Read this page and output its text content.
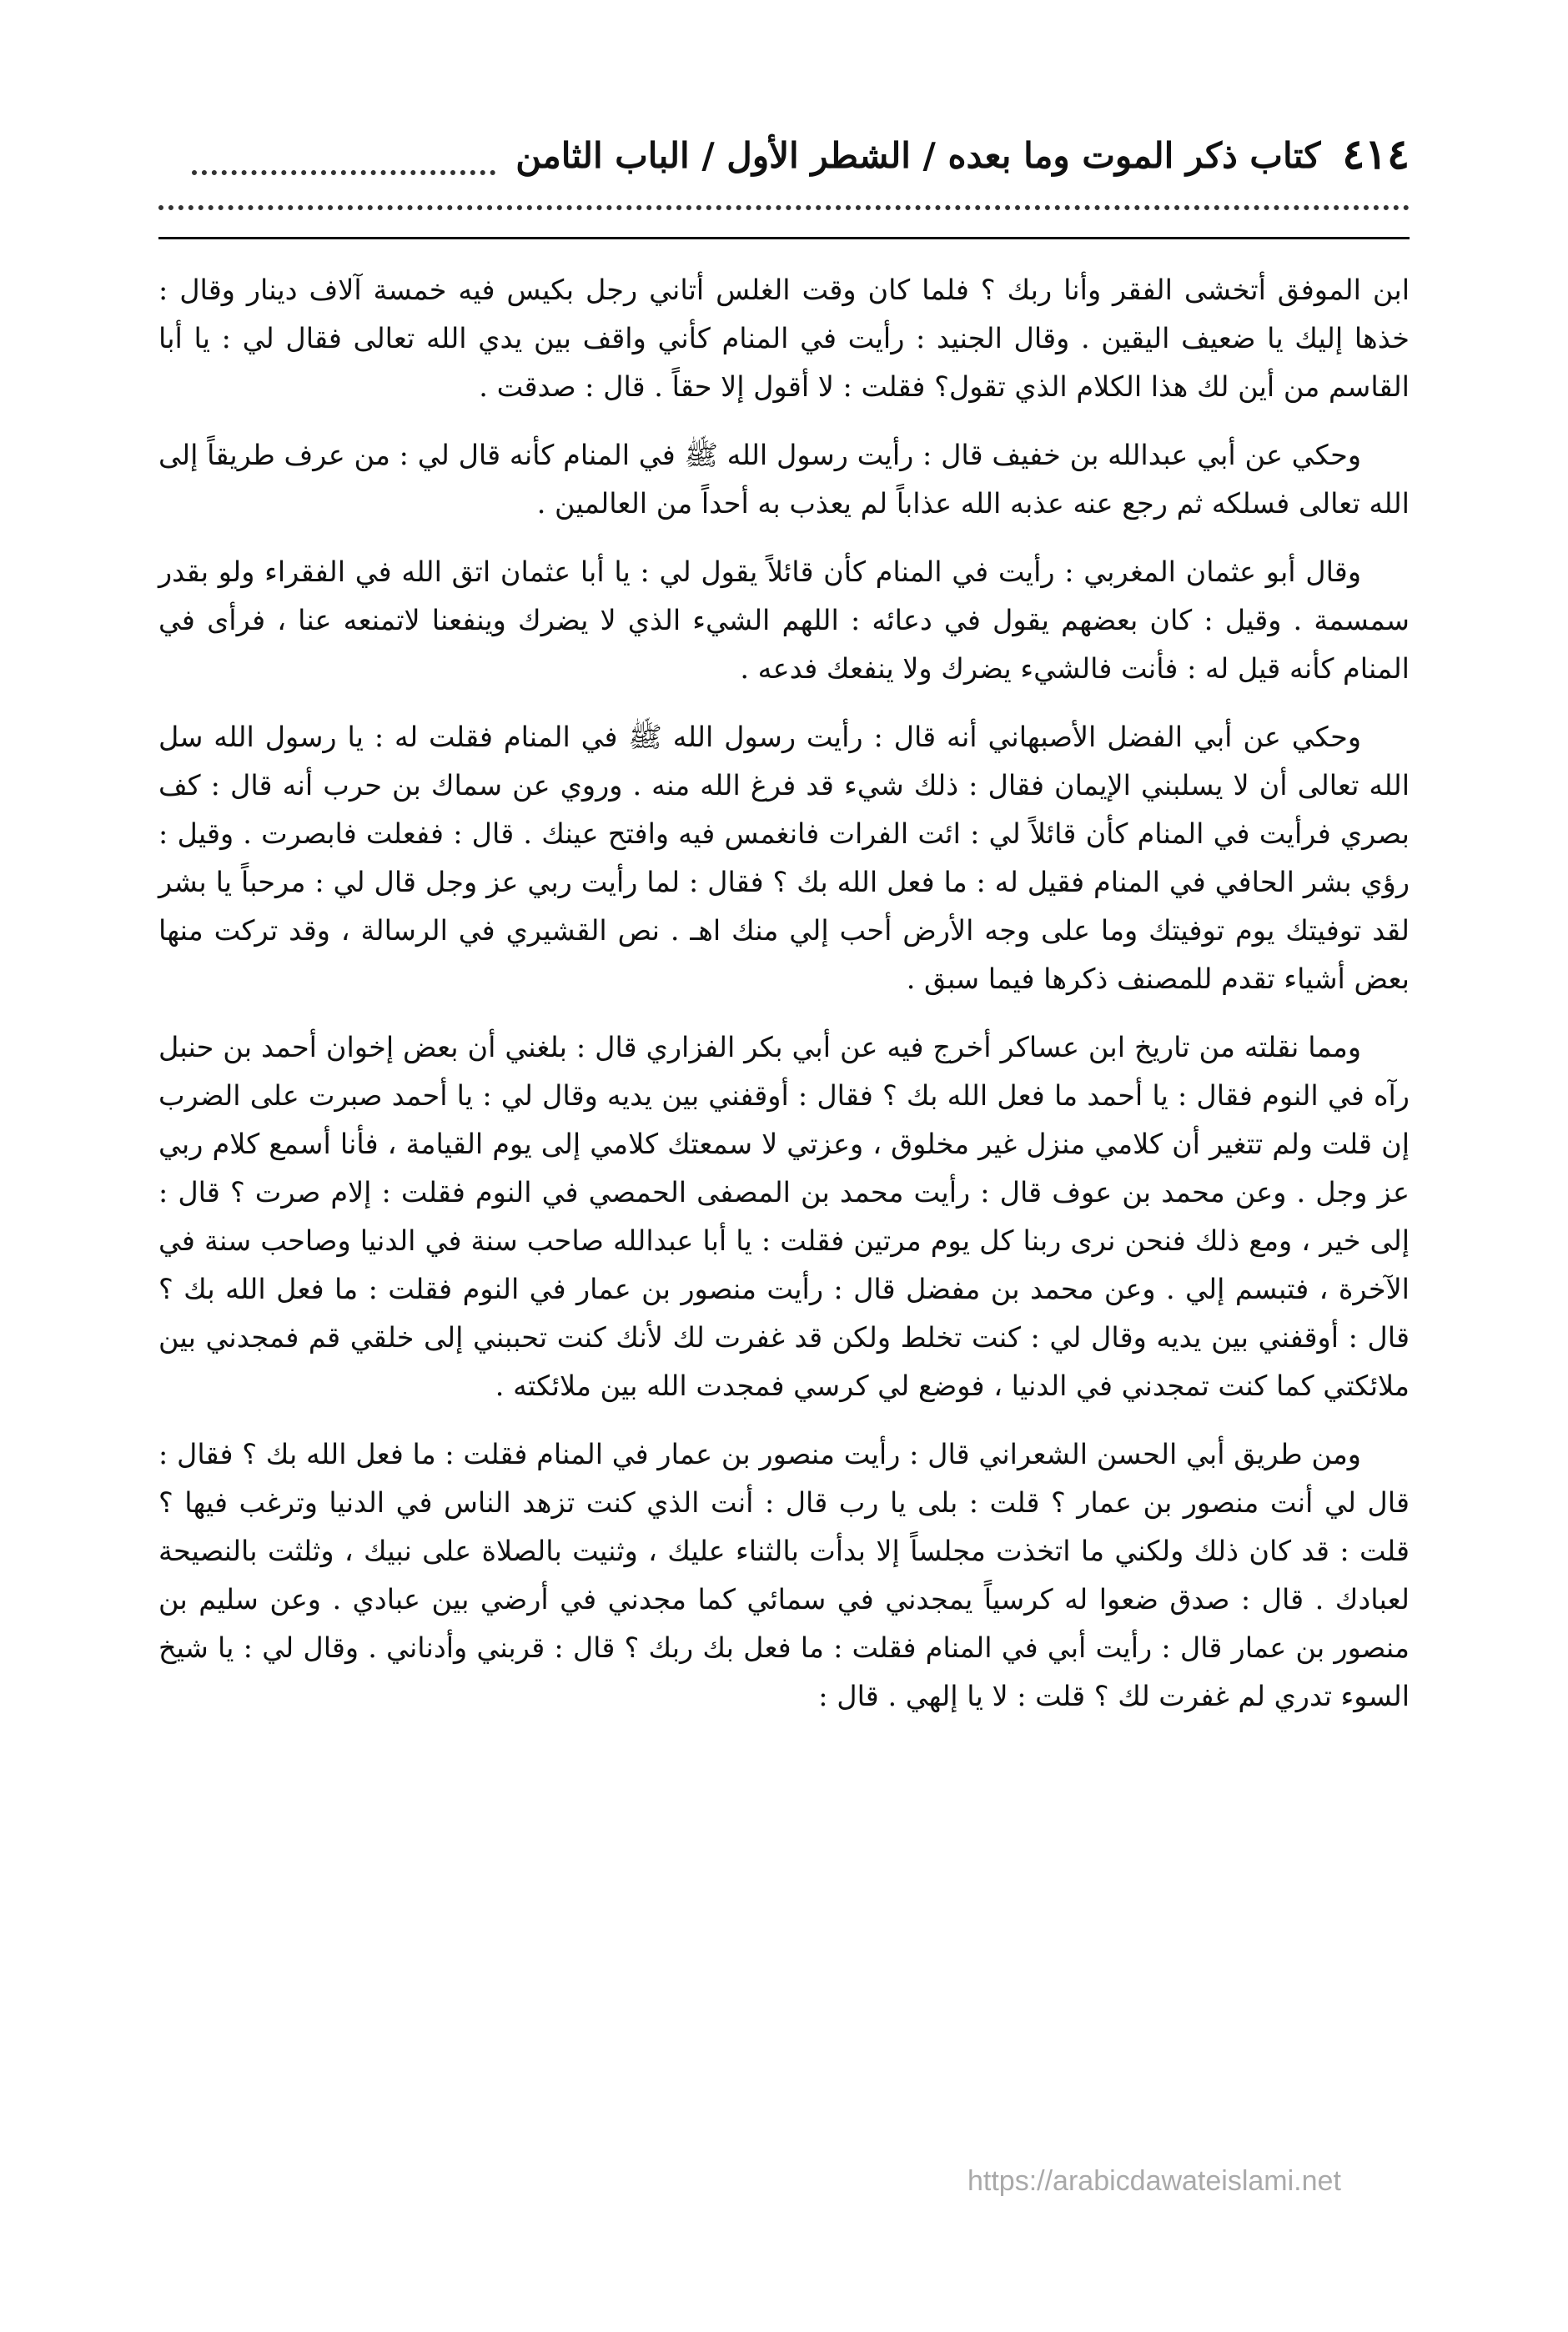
٤١٤
كتاب ذكر الموت وما بعده / الشطر الأول / الباب الثامن

ابن الموفق أتخشى الفقر وأنا ربك ؟ فلما كان وقت الغلس أتاني رجل بكيس فيه خمسة آلاف دينار وقال : خذها إليك يا ضعيف اليقين . وقال الجنيد : رأيت في المنام كأني واقف بين يدي الله تعالى فقال لي : يا أبا القاسم من أين لك هذا الكلام الذي تقول؟ فقلت : لا أقول إلا حقاً . قال : صدقت .

وحكي عن أبي عبدالله بن خفيف قال : رأيت رسول الله ﷺ في المنام كأنه قال لي : من عرف طريقاً إلى الله تعالى فسلكه ثم رجع عنه عذبه الله عذاباً لم يعذب به أحداً من العالمين .

وقال أبو عثمان المغربي : رأيت في المنام كأن قائلاً يقول لي : يا أبا عثمان اتق الله في الفقراء ولو بقدر سمسمة . وقيل : كان بعضهم يقول في دعائه : اللهم الشيء الذي لا يضرك وينفعنا لاتمنعه عنا ، فرأى في المنام كأنه قيل له : فأنت فالشيء يضرك ولا ينفعك فدعه .

وحكي عن أبي الفضل الأصبهاني أنه قال : رأيت رسول الله ﷺ في المنام فقلت له : يا رسول الله سل الله تعالى أن لا يسلبني الإيمان فقال : ذلك شيء قد فرغ الله منه . وروي عن سماك بن حرب أنه قال : كف بصري فرأيت في المنام كأن قائلاً لي : ائت الفرات فانغمس فيه وافتح عينك . قال : ففعلت فابصرت . وقيل : رؤي بشر الحافي في المنام فقيل له : ما فعل الله بك ؟ فقال : لما رأيت ربي عز وجل قال لي : مرحباً يا بشر لقد توفيتك يوم توفيتك وما على وجه الأرض أحب إلي منك اهـ . نص القشيري في الرسالة ، وقد تركت منها بعض أشياء تقدم للمصنف ذكرها فيما سبق .

ومما نقلته من تاريخ ابن عساكر أخرج فيه عن أبي بكر الفزاري قال : بلغني أن بعض إخوان أحمد بن حنبل رآه في النوم فقال : يا أحمد ما فعل الله بك ؟ فقال : أوقفني بين يديه وقال لي : يا أحمد صبرت على الضرب إن قلت ولم تتغير أن كلامي منزل غير مخلوق ، وعزتي لا سمعتك كلامي إلى يوم القيامة ، فأنا أسمع كلام ربي عز وجل . وعن محمد بن عوف قال : رأيت محمد بن المصفى الحمصي في النوم فقلت : إلام صرت ؟ قال : إلى خير ، ومع ذلك فنحن نرى ربنا كل يوم مرتين فقلت : يا أبا عبدالله صاحب سنة في الدنيا وصاحب سنة في الآخرة ، فتبسم إلي . وعن محمد بن مفضل قال : رأيت منصور بن عمار في النوم فقلت : ما فعل الله بك ؟ قال : أوقفني بين يديه وقال لي : كنت تخلط ولكن قد غفرت لك لأنك كنت تحببني إلى خلقي قم فمجدني بين ملائكتي كما كنت تمجدني في الدنيا ، فوضع لي كرسي فمجدت الله بين ملائكته .

ومن طريق أبي الحسن الشعراني قال : رأيت منصور بن عمار في المنام فقلت : ما فعل الله بك ؟ فقال : قال لي أنت منصور بن عمار ؟ قلت : بلى يا رب قال : أنت الذي كنت تزهد الناس في الدنيا وترغب فيها ؟ قلت : قد كان ذلك ولكني ما اتخذت مجلساً إلا بدأت بالثناء عليك ، وثنيت بالصلاة على نبيك ، وثلثت بالنصيحة لعبادك . قال : صدق ضعوا له كرسياً يمجدني في سمائي كما مجدني في أرضي بين عبادي . وعن سليم بن منصور بن عمار قال : رأيت أبي في المنام فقلت : ما فعل بك ربك ؟ قال : قربني وأدناني . وقال لي : يا شيخ السوء تدري لم غفرت لك ؟ قلت : لا يا إلهي . قال :

https://arabicdawateislami.net
